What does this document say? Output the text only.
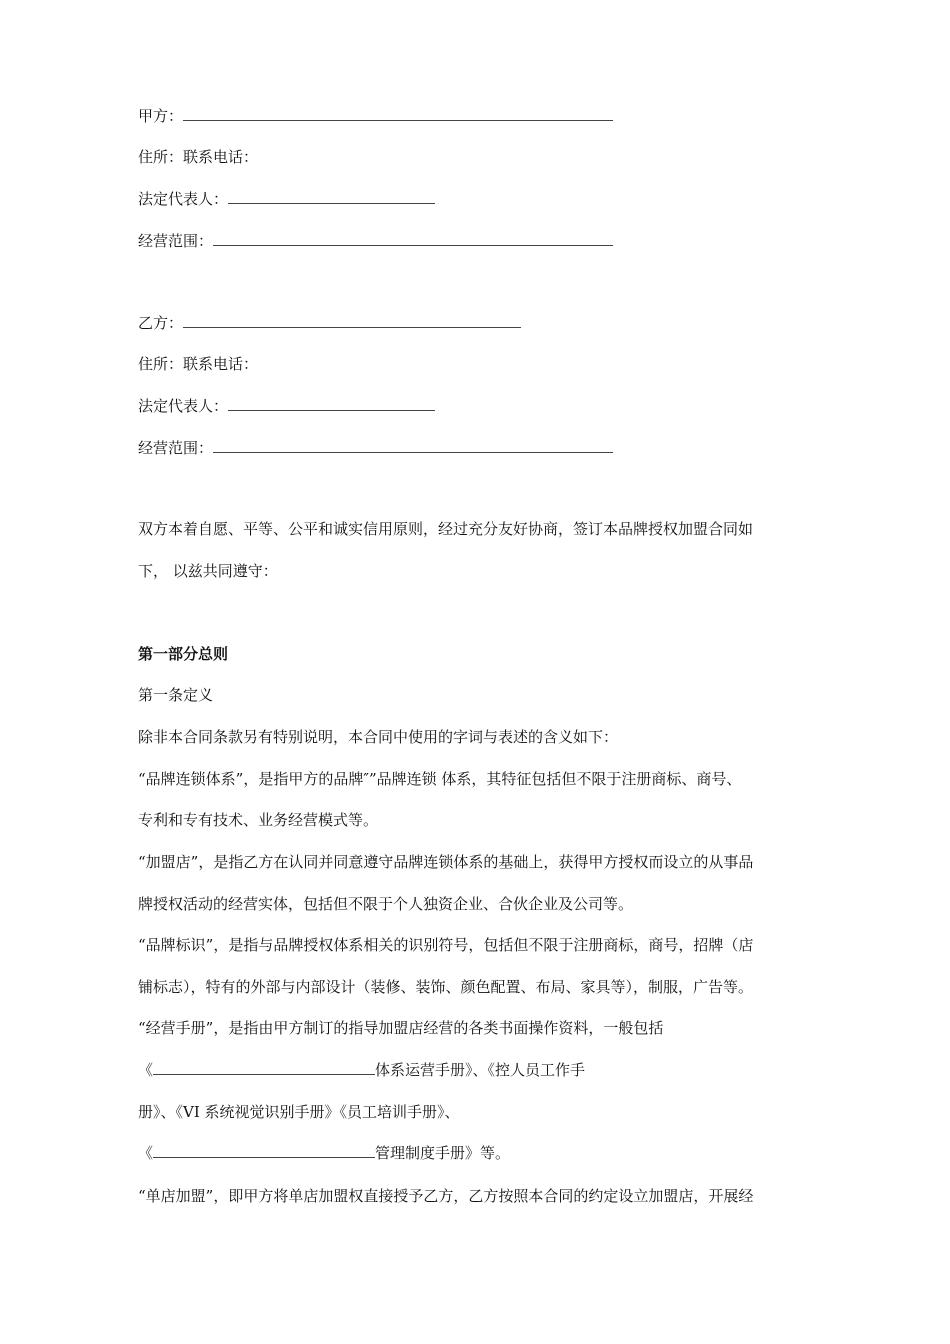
甲方：
住所：联系电话：
法定代表人：
经营范围：
乙方：
住所：联系电话：
法定代表人：
经营范围：
双方本着自愿、平等、公平和诚实信用原则，经过充分友好协商，签订本品牌授权加盟合同如
下， 以兹共同遵守：
第一部分总则
第一条定义
除非本合同条款另有特别说明，本合同中使用的字词与表述的含义如下：
“品牌连锁体系”，是指甲方的品牌″”品牌连锁 体系，其特征包括但不限于注册商标、商号、
专利和专有技术、业务经营模式等。
“加盟店”，是指乙方在认同并同意遵守品牌连锁体系的基础上，获得甲方授权而设立的从事品
牌授权活动的经营实体，包括但不限于个人独资企业、合伙企业及公司等。
“品牌标识”，是指与品牌授权体系相关的识别符号，包括但不限于注册商标，商号，招牌（店
铺标志），特有的外部与内部设计（装修、装饰、颜色配置、布局、家具等），制服，广告等。
“经营手册”，是指由甲方制订的指导加盟店经营的各类书面操作资料，一般包括
《	体系运营手册》、《控人员工作手
册》、《VI 系统视觉识别手册》《员工培训手册》、
《	管理制度手册》等。
“单店加盟”，即甲方将单店加盟权直接授予乙方，乙方按照本合同的约定设立加盟店，开展经
